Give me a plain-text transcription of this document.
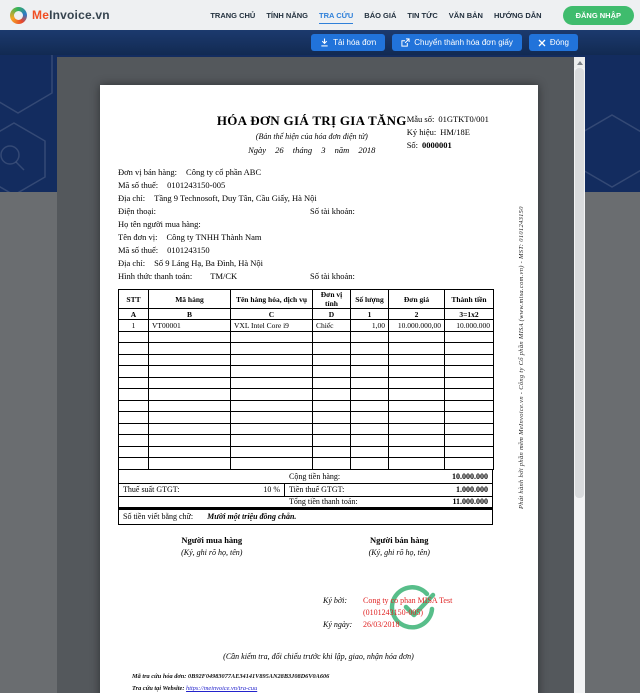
MeInvoice.vn	TRANG CHỦ TÍNH NĂNG TRA CỨU BÁO GIÁ TIN TỨC VĂN BẢN HƯỚNG DẪN	ĐĂNG NHẬP
Tải hóa đơn	Chuyển thành hóa đơn giấy	Đóng
HÓA ĐƠN GIÁ TRỊ GIA TĂNG
(Bản thể hiện của hóa đơn điện tử)
Ngày 26 tháng 3 năm 2018
Mẫu số: 01GTKT0/001
Ký hiệu: HM/18E
Số: 0000001
Đơn vị bán hàng: Công ty cổ phần ABC
Mã số thuế: 0101243150-005
Địa chỉ: Tầng 9 Technosoft, Duy Tân, Cầu Giấy, Hà Nội
Điện thoại:	Số tài khoản:
Họ tên người mua hàng:
Tên đơn vị: Công ty TNHH Thành Nam
Mã số thuế: 0101243150
Địa chỉ: Số 9 Láng Hạ, Ba Đình, Hà Nội
Hình thức thanh toán: TM/CK	Số tài khoản:
STT	Mã hàng	Tên hàng hóa, dịch vụ	Đơn vị tính	Số lượng	Đơn giá	Thành tiền
A	B	C	D	1	2	3=1x2
1	VT00001	VXL Intel Core i9	Chiếc	1,00	10.000.000,00	10.000.000

Cộng tiền hàng:	10.000.000
Thuế suất GTGT:	10 % Tiền thuế GTGT:	1.000.000
Tổng tiền thanh toán:	11.000.000
Số tiền viết bằng chữ: Mười một triệu đồng chẵn.
Người mua hàng
(Ký, ghi rõ họ, tên)
Người bán hàng
(Ký, ghi rõ họ, tên)
Ký bởi:	Cong ty co phan MISA Test
(0101243150-005)
Ký ngày:	26/03/2018
(Cần kiểm tra, đối chiếu trước khi lập, giao, nhận hóa đơn)
Mã tra cứu hóa đơn: 0B92F04983077AE34141V895AN28B3J08D6V0A606
Tra cứu tại Website: https://meinvoice.vn/tra-cuu
Phát hành bởi phần mềm MeInvoice.vn - Công ty Cổ phần MISA (www.misa.com.vn) - MST: 0101243150
